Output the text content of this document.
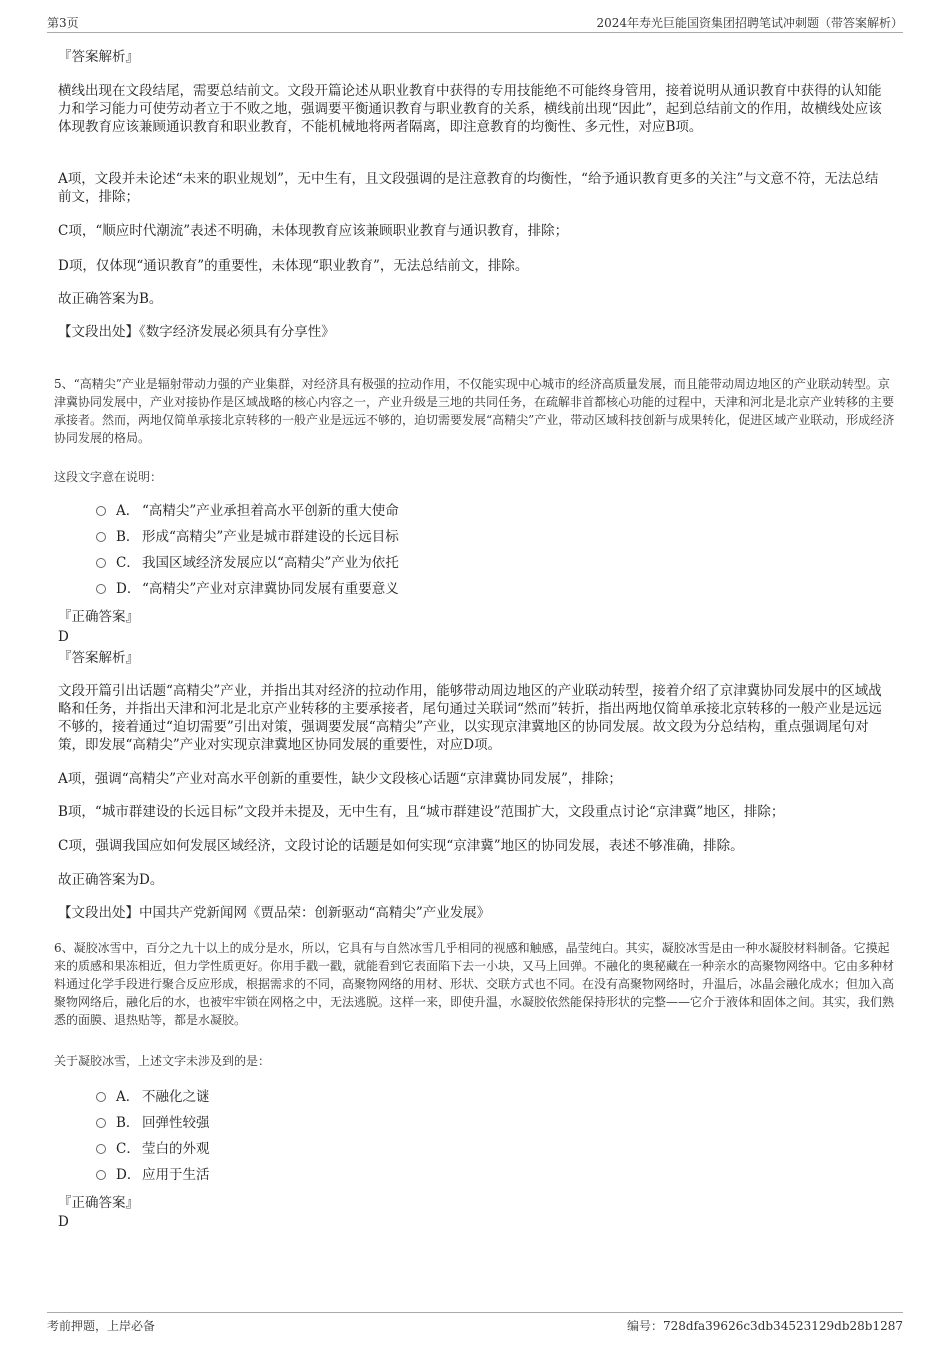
第3页	2024年寿光巨能国资集团招聘笔试冲刺题（带答案解析）

『答案解析』

横线出现在文段结尾，需要总结前文。文段开篇论述从职业教育中获得的专用技能绝不可能终身管用，接着说明从通识教育中获得的认知能力和学习能力可使劳动者立于不败之地，强调要平衡通识教育与职业教育的关系，横线前出现“因此”，起到总结前文的作用，故横线处应该体现教育应该兼顾通识教育和职业教育，不能机械地将两者隔离，即注意教育的均衡性、多元性，对应B项。

A项，文段并未论述“未来的职业规划”，无中生有，且文段强调的是注意教育的均衡性，“给予通识教育更多的关注”与文意不符，无法总结前文，排除；

C项，“顺应时代潮流”表述不明确，未体现教育应该兼顾职业教育与通识教育，排除；

D项，仅体现“通识教育”的重要性，未体现“职业教育”，无法总结前文，排除。

故正确答案为B。

【文段出处】《数字经济发展必须具有分享性》

5、“高精尖”产业是辐射带动力强的产业集群，对经济具有极强的拉动作用，不仅能实现中心城市的经济高质量发展，而且能带动周边地区的产业联动转型。京津冀协同发展中，产业对接协作是区域战略的核心内容之一，产业升级是三地的共同任务，在疏解非首都核心功能的过程中，天津和河北是北京产业转移的主要承接者。然而，两地仅简单承接北京转移的一般产业是远远不够的，迫切需要发展“高精尖”产业，带动区域科技创新与成果转化，促进区域产业联动，形成经济协同发展的格局。

这段文字意在说明：

A． “高精尖”产业承担着高水平创新的重大使命
B． 形成“高精尖”产业是城市群建设的长远目标
C． 我国区域经济发展应以“高精尖”产业为依托
D． “高精尖”产业对京津冀协同发展有重要意义

『正确答案』

D

『答案解析』

文段开篇引出话题“高精尖”产业，并指出其对经济的拉动作用，能够带动周边地区的产业联动转型，接着介绍了京津冀协同发展中的区域战略和任务，并指出天津和河北是北京产业转移的主要承接者，尾句通过关联词“然而”转折，指出两地仅简单承接北京转移的一般产业是远远不够的，接着通过“迫切需要”引出对策，强调要发展“高精尖”产业，以实现京津冀地区的协同发展。故文段为分总结构，重点强调尾句对策，即发展“高精尖”产业对实现京津冀地区协同发展的重要性，对应D项。

A项，强调“高精尖”产业对高水平创新的重要性，缺少文段核心话题“京津冀协同发展”，排除；

B项，“城市群建设的长远目标”文段并未提及，无中生有，且“城市群建设”范围扩大，文段重点讨论“京津冀”地区，排除；

C项，强调我国应如何发展区域经济，文段讨论的话题是如何实现“京津冀”地区的协同发展，表述不够准确，排除。

故正确答案为D。

【文段出处】中国共产党新闻网《贾品荣：创新驱动“高精尖”产业发展》

6、凝胶冰雪中，百分之九十以上的成分是水，所以，它具有与自然冰雪几乎相同的视感和触感，晶莹纯白。其实，凝胶冰雪是由一种水凝胶材料制备。它摸起来的质感和果冻相近，但力学性质更好。你用手戳一戳，就能看到它表面陷下去一小块，又马上回弹。不融化的奥秘藏在一种亲水的高聚物网络中。它由多种材料通过化学手段进行聚合反应形成，根据需求的不同，高聚物网络的用材、形状、交联方式也不同。在没有高聚物网络时，升温后，冰晶会融化成水；但加入高聚物网络后，融化后的水，也被牢牢锁在网格之中，无法逃脱。这样一来，即使升温，水凝胶依然能保持形状的完整——它介于液体和固体之间。其实，我们熟悉的面膜、退热贴等，都是水凝胶。

关于凝胶冰雪，上述文字未涉及到的是：

A． 不融化之谜
B． 回弹性较强
C． 莹白的外观
D． 应用于生活

『正确答案』

D

考前押题，上岸必备	编号：728dfa39626c3db34523129db28b1287
